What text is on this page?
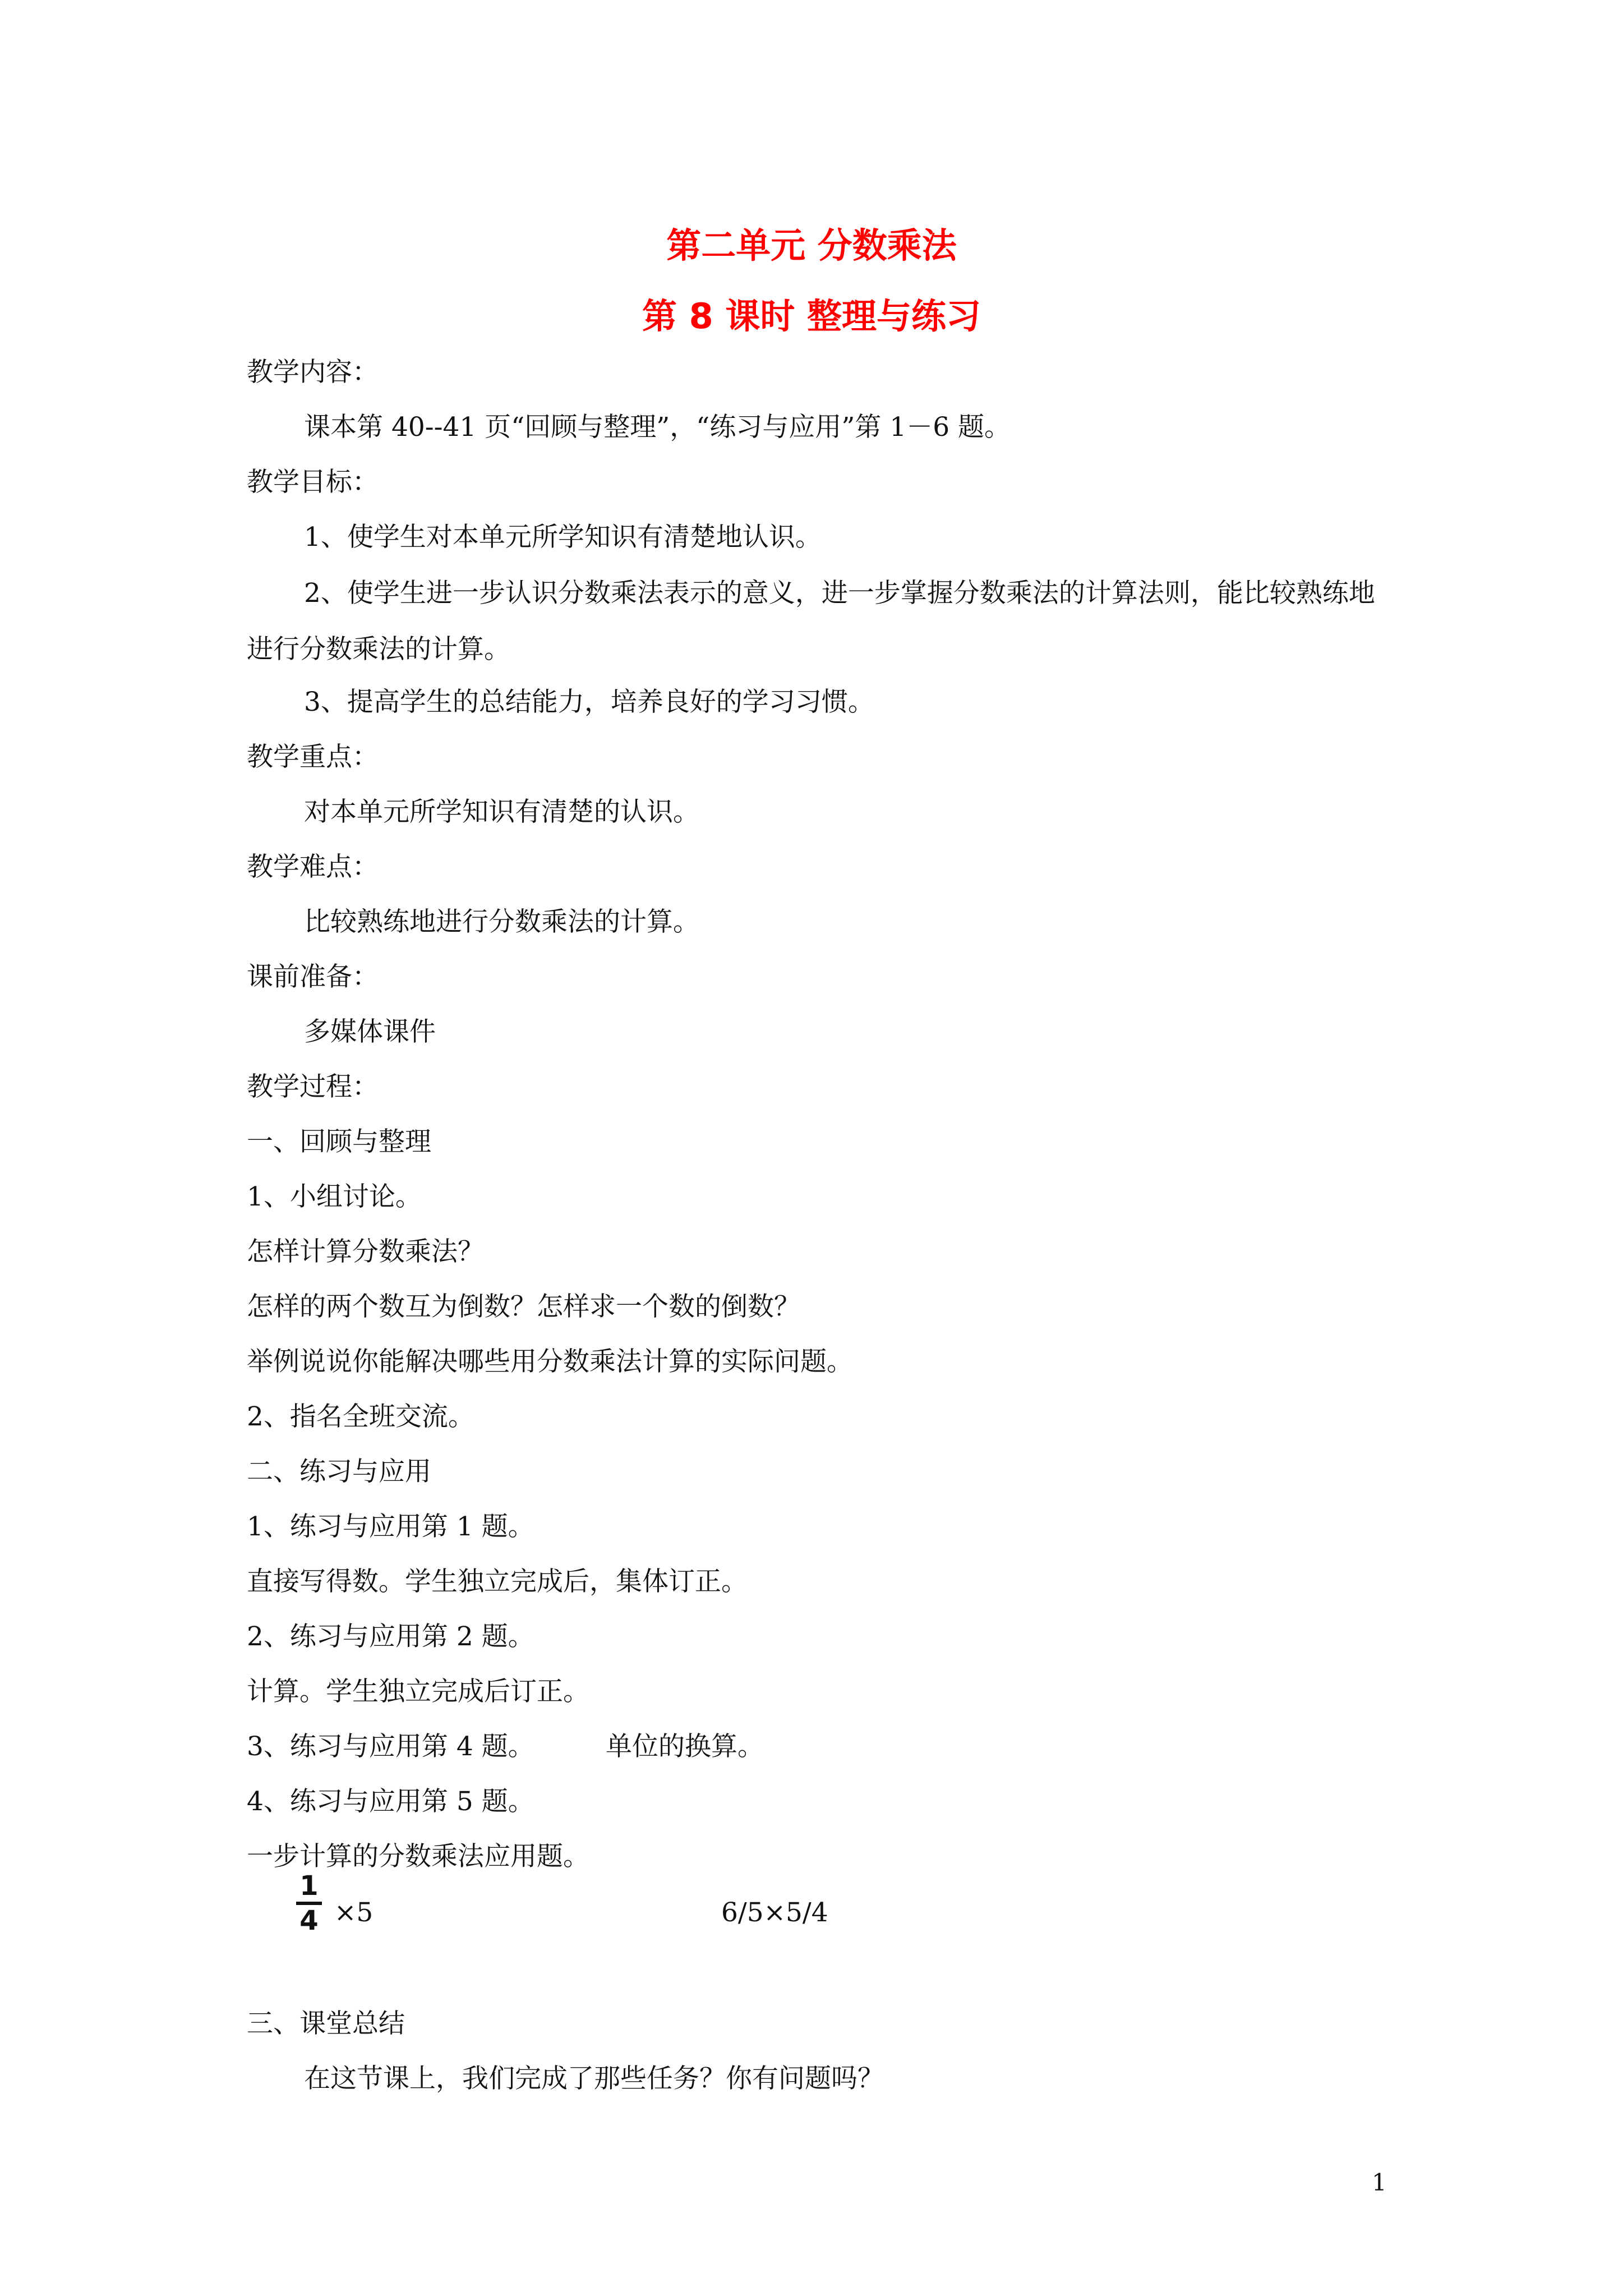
第二单元 分数乘法
第 8 课时 整理与练习
教学内容：
课本第 40--41 页“回顾与整理”，“练习与应用”第 1－6 题。
教学目标：
1、使学生对本单元所学知识有清楚地认识。
2、使学生进一步认识分数乘法表示的意义，进一步掌握分数乘法的计算法则，能比较熟练地进行分数乘法的计算。
3、提高学生的总结能力，培养良好的学习习惯。
教学重点：
对本单元所学知识有清楚的认识。
教学难点：
比较熟练地进行分数乘法的计算。
课前准备：
多媒体课件
教学过程：
一、回顾与整理
1、小组讨论。
怎样计算分数乘法？
怎样的两个数互为倒数？怎样求一个数的倒数？
举例说说你能解决哪些用分数乘法计算的实际问题。
2、指名全班交流。
二、练习与应用
1、练习与应用第 1 题。
直接写得数。学生独立完成后，集体订正。
2、练习与应用第 2 题。
计算。学生独立完成后订正。
3、练习与应用第 4 题。	单位的换算。
4、练习与应用第 5 题。
一步计算的分数乘法应用题。
1
4 ×5	6/5×5/4
三、课堂总结
在这节课上，我们完成了那些任务？你有问题吗？
1
